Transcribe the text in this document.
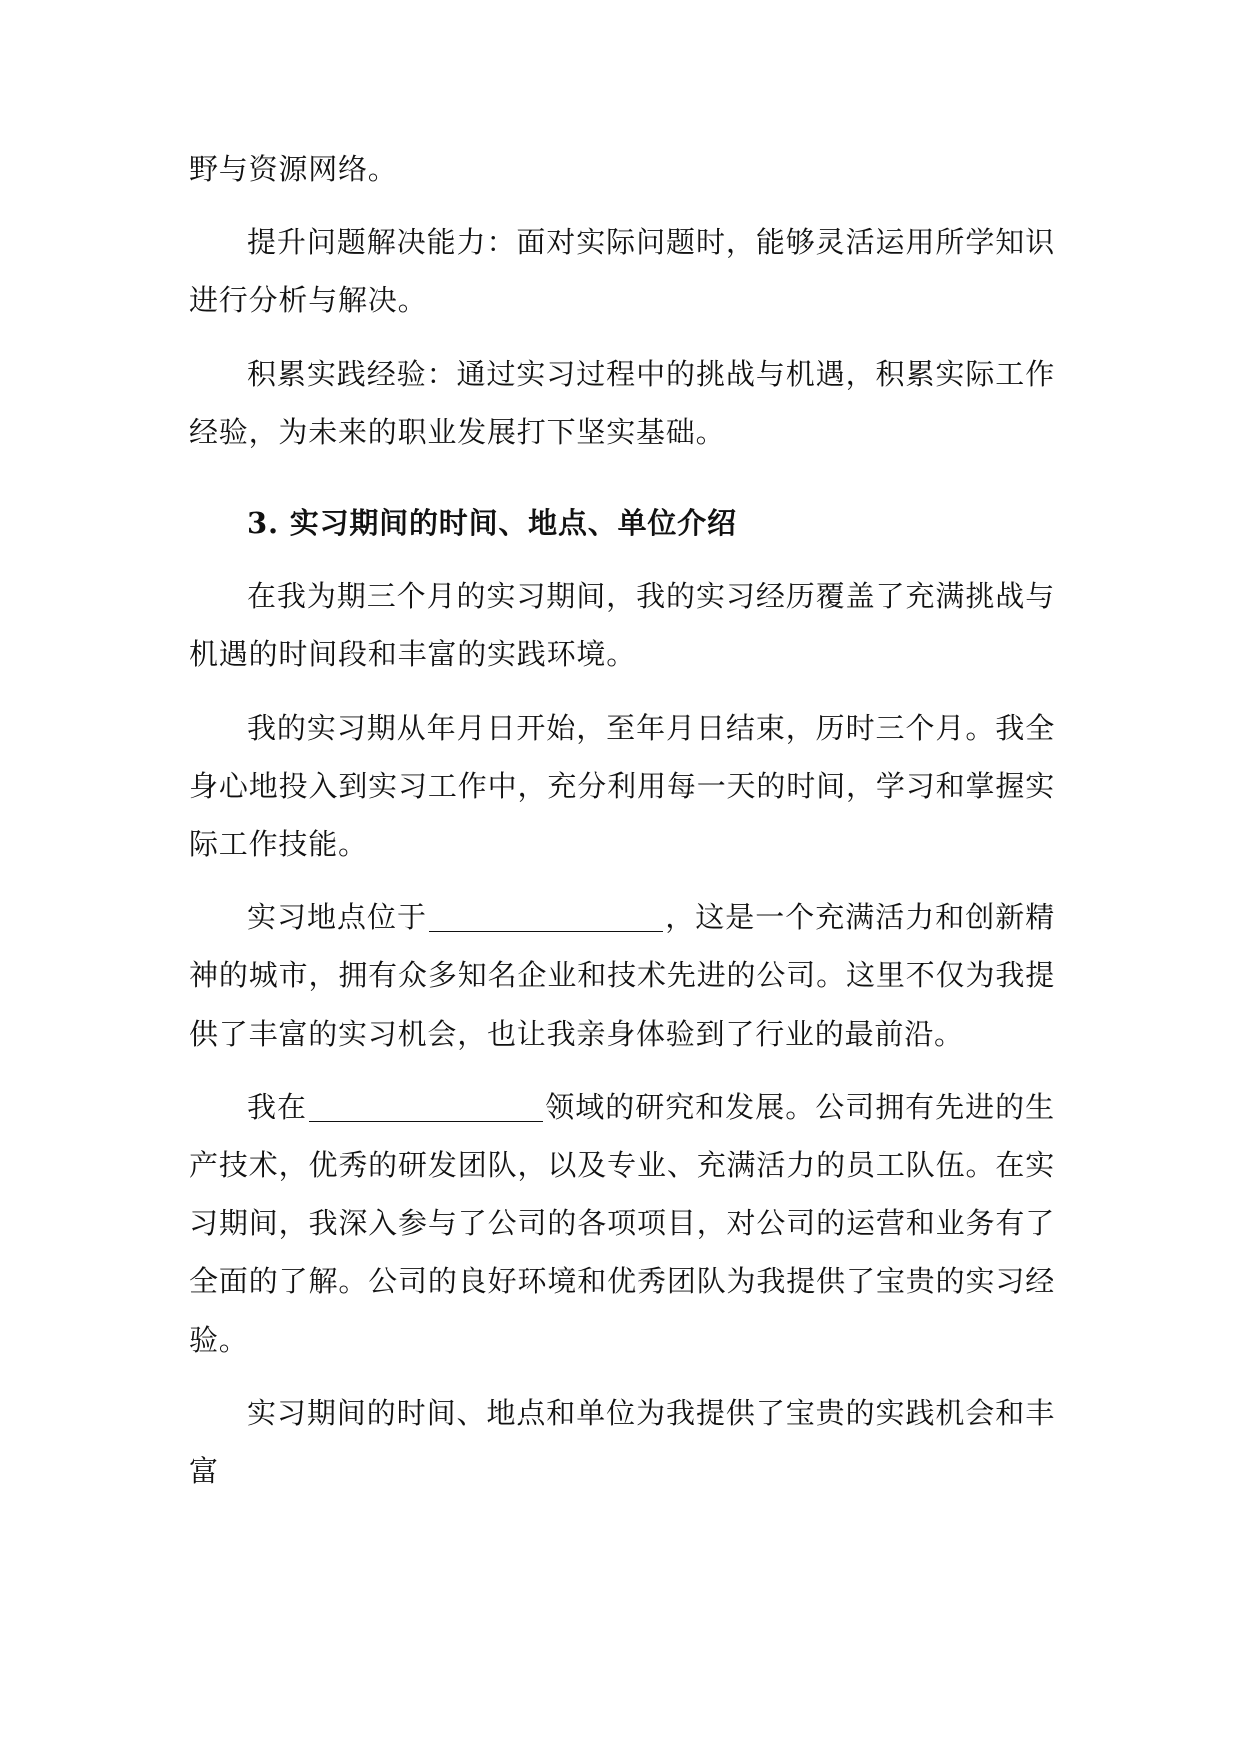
野与资源网络。

提升问题解决能力：面对实际问题时，能够灵活运用所学知识进行分析与解决。

积累实践经验：通过实习过程中的挑战与机遇，积累实际工作经验，为未来的职业发展打下坚实基础。

3. 实习期间的时间、地点、单位介绍

在我为期三个月的实习期间，我的实习经历覆盖了充满挑战与机遇的时间段和丰富的实践环境。

我的实习期从年月日开始，至年月日结束，历时三个月。我全身心地投入到实习工作中，充分利用每一天的时间，学习和掌握实际工作技能。

实习地点位于	，这是一个充满活力和创新精神的城市，拥有众多知名企业和技术先进的公司。这里不仅为我提供了丰富的实习机会，也让我亲身体验到了行业的最前沿。

我在	领域的研究和发展。公司拥有先进的生产技术，优秀的研发团队，以及专业、充满活力的员工队伍。在实习期间，我深入参与了公司的各项项目，对公司的运营和业务有了全面的了解。公司的良好环境和优秀团队为我提供了宝贵的实习经验。

实习期间的时间、地点和单位为我提供了宝贵的实践机会和丰富
